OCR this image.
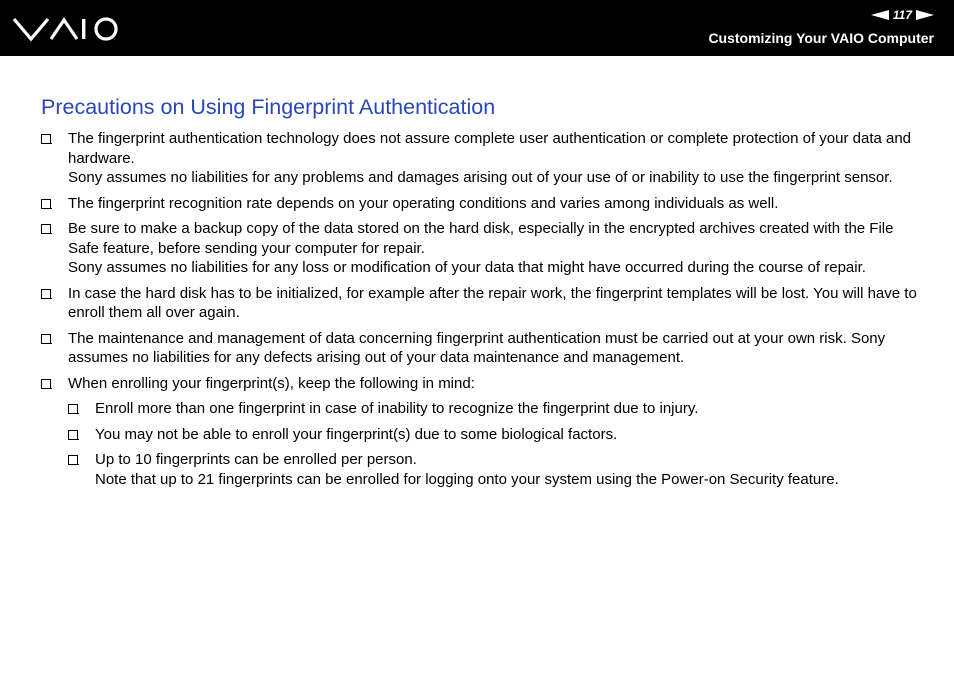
117
Customizing Your VAIO Computer
Precautions on Using Fingerprint Authentication
The fingerprint authentication technology does not assure complete user authentication or complete protection of your data and hardware.
Sony assumes no liabilities for any problems and damages arising out of your use of or inability to use the fingerprint sensor.
The fingerprint recognition rate depends on your operating conditions and varies among individuals as well.
Be sure to make a backup copy of the data stored on the hard disk, especially in the encrypted archives created with the File Safe feature, before sending your computer for repair.
Sony assumes no liabilities for any loss or modification of your data that might have occurred during the course of repair.
In case the hard disk has to be initialized, for example after the repair work, the fingerprint templates will be lost. You will have to enroll them all over again.
The maintenance and management of data concerning fingerprint authentication must be carried out at your own risk. Sony assumes no liabilities for any defects arising out of your data maintenance and management.
When enrolling your fingerprint(s), keep the following in mind:
Enroll more than one fingerprint in case of inability to recognize the fingerprint due to injury.
You may not be able to enroll your fingerprint(s) due to some biological factors.
Up to 10 fingerprints can be enrolled per person.
Note that up to 21 fingerprints can be enrolled for logging onto your system using the Power-on Security feature.
